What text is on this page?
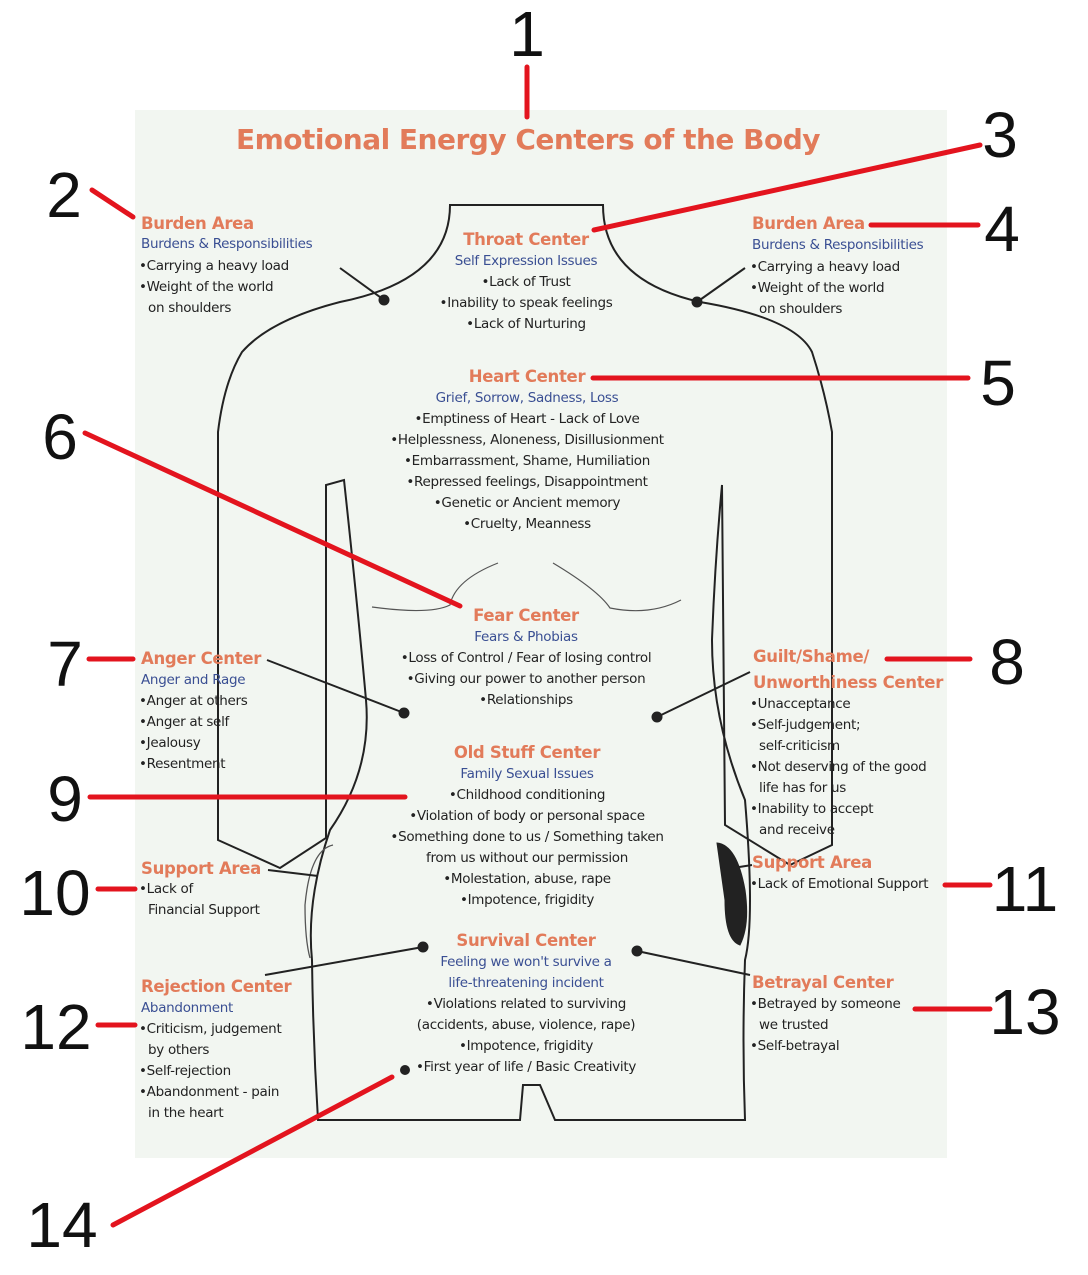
Emotional Energy Centers of the Body
1
2
3
4
5
6
7	8
9
10	11
12	13
14
Burden Area
Burdens & Responsibilities
•Carrying a heavy load
•Weight of the world
on shoulders
Throat Center
Self Expression Issues
•Lack of Trust
•Inability to speak feelings
•Lack of Nurturing
Burden Area
Burdens & Responsibilities
•Carrying a heavy load
•Weight of the world
on shoulders
Heart Center
Grief, Sorrow, Sadness, Loss
•Emptiness of Heart - Lack of Love
•Helplessness, Aloneness, Disillusionment
•Embarrassment, Shame, Humiliation
•Repressed feelings, Disappointment
•Genetic or Ancient memory
•Cruelty, Meanness
Fear Center
Fears & Phobias
•Loss of Control / Fear of losing control
•Giving our power to another person
•Relationships
Anger Center
Anger and Rage
•Anger at others
•Anger at self
•Jealousy
•Resentment
Guilt/Shame/
Unworthiness Center
•Unacceptance
•Self-judgement;
self-criticism
•Not deserving of the good
life has for us
•Inability to accept
and receive
Old Stuff Center
Family Sexual Issues
•Childhood conditioning
•Violation of body or personal space
•Something done to us / Something taken
from us without our permission
•Molestation, abuse, rape
•Impotence, frigidity
Support Area
•Lack of
Financial Support
Support Area
•Lack of Emotional Support
Survival Center
Feeling we won't survive a
life-threatening incident
•Violations related to surviving
(accidents, abuse, violence, rape)
•Impotence, frigidity
•First year of life / Basic Creativity
Rejection Center
Abandonment
•Criticism, judgement
by others
•Self-rejection
•Abandonment - pain
in the heart
Betrayal Center
•Betrayed by someone
we trusted
•Self-betrayal
